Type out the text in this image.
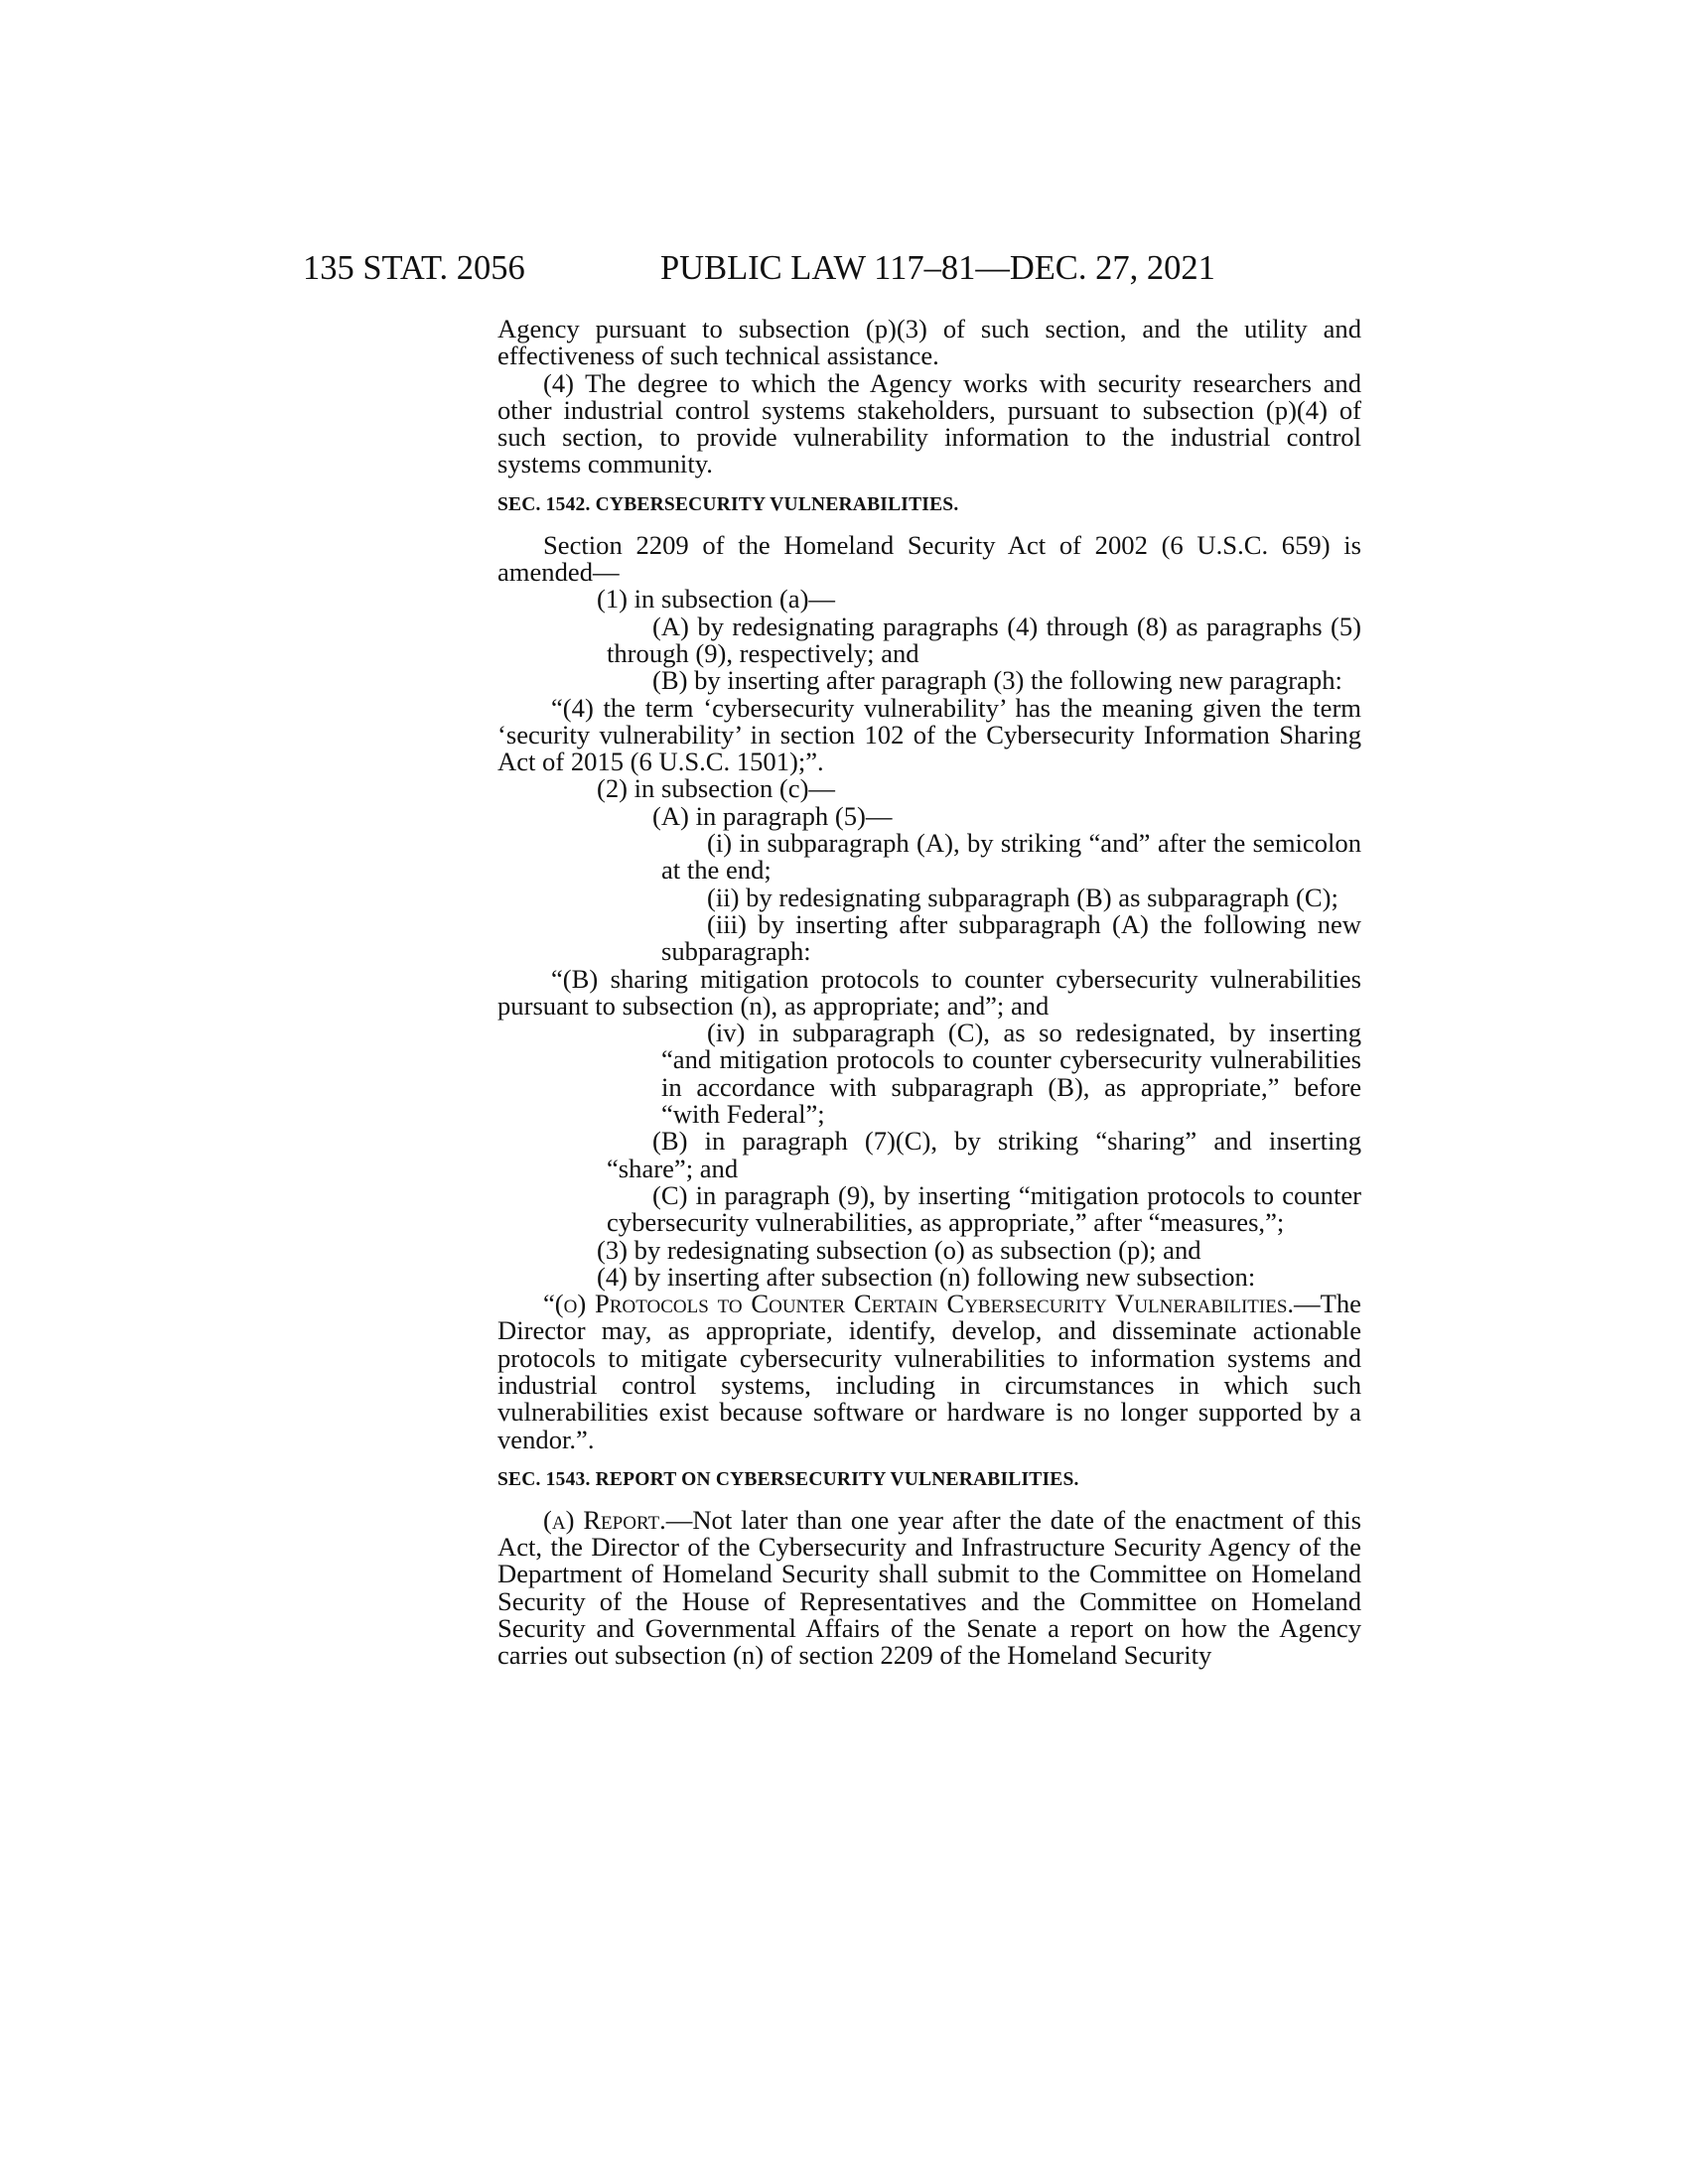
135 STAT. 2056	PUBLIC LAW 117–81—DEC. 27, 2021

Agency pursuant to subsection (p)(3) of such section, and the utility and effectiveness of such technical assistance.

(4) The degree to which the Agency works with security researchers and other industrial control systems stakeholders, pursuant to subsection (p)(4) of such section, to provide vulnerability information to the industrial control systems community.

SEC. 1542. CYBERSECURITY VULNERABILITIES.

Section 2209 of the Homeland Security Act of 2002 (6 U.S.C. 659) is amended—

(1) in subsection (a)—

(A) by redesignating paragraphs (4) through (8) as paragraphs (5) through (9), respectively; and

(B) by inserting after paragraph (3) the following new paragraph:

“(4) the term ‘cybersecurity vulnerability’ has the meaning given the term ‘security vulnerability’ in section 102 of the Cybersecurity Information Sharing Act of 2015 (6 U.S.C. 1501);”.

(2) in subsection (c)—

(A) in paragraph (5)—

(i) in subparagraph (A), by striking “and” after the semicolon at the end;

(ii) by redesignating subparagraph (B) as subparagraph (C);

(iii) by inserting after subparagraph (A) the following new subparagraph:

“(B) sharing mitigation protocols to counter cybersecurity vulnerabilities pursuant to subsection (n), as appropriate; and”; and

(iv) in subparagraph (C), as so redesignated, by inserting “and mitigation protocols to counter cybersecurity vulnerabilities in accordance with subparagraph (B), as appropriate,” before “with Federal”;

(B) in paragraph (7)(C), by striking “sharing” and inserting “share”; and

(C) in paragraph (9), by inserting “mitigation protocols to counter cybersecurity vulnerabilities, as appropriate,” after “measures,”;

(3) by redesignating subsection (o) as subsection (p); and

(4) by inserting after subsection (n) following new subsection:

“(o) Protocols to Counter Certain Cybersecurity Vulnerabilities.—The Director may, as appropriate, identify, develop, and disseminate actionable protocols to mitigate cybersecurity vulnerabilities to information systems and industrial control systems, including in circumstances in which such vulnerabilities exist because software or hardware is no longer supported by a vendor.”.

SEC. 1543. REPORT ON CYBERSECURITY VULNERABILITIES.

(a) Report.—Not later than one year after the date of the enactment of this Act, the Director of the Cybersecurity and Infrastructure Security Agency of the Department of Homeland Security shall submit to the Committee on Homeland Security of the House of Representatives and the Committee on Homeland Security and Governmental Affairs of the Senate a report on how the Agency carries out subsection (n) of section 2209 of the Homeland Security
